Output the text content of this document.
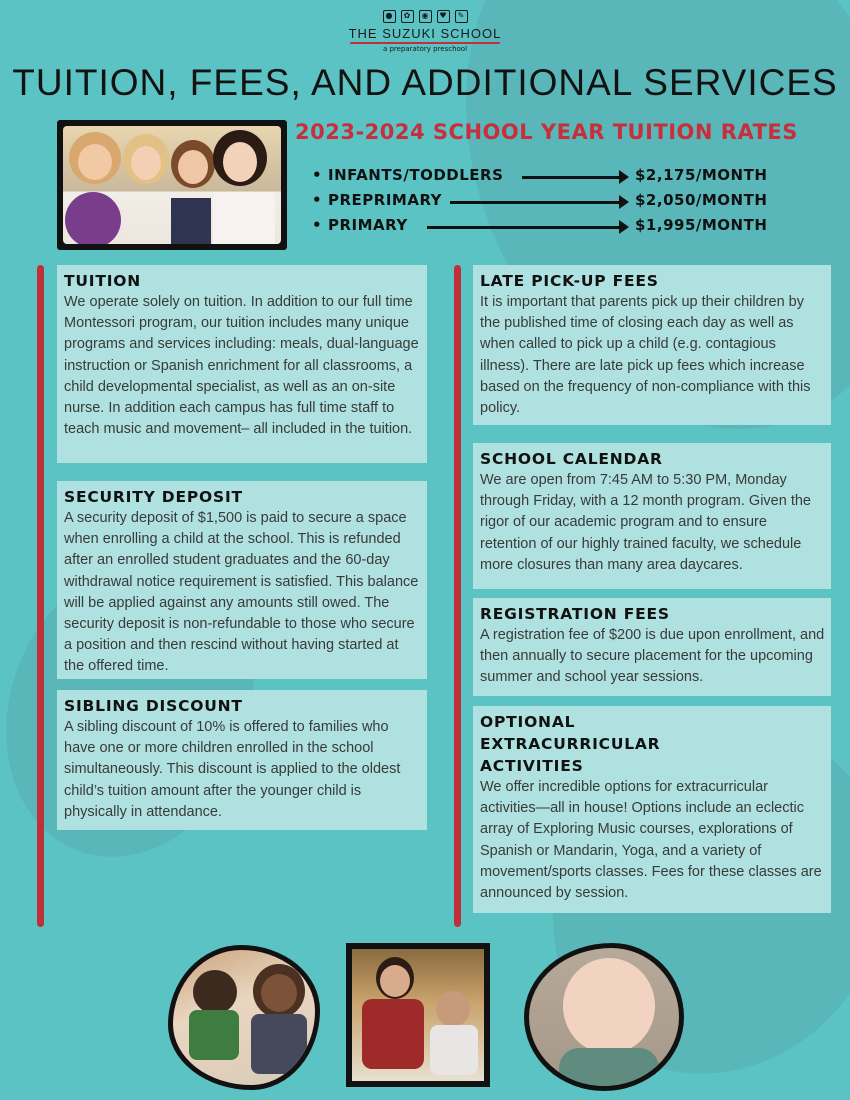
●	✿	◉	♥	✎
THE SUZUKI SCHOOL
a preparatory preschool
TUITION, FEES, AND ADDITIONAL SERVICES
2023-2024 SCHOOL YEAR TUITION RATES
• INFANTS/TODDLERS	$2,175/MONTH
• PREPRIMARY	$2,050/MONTH
• PRIMARY	$1,995/MONTH
TUITION

We operate solely on tuition. In addition to our full time Montessori program, our tuition includes many unique programs and services including: meals, dual-language instruction or Spanish enrichment for all classrooms, a child developmental specialist, as well as an on-site nurse. In addition each campus has full time staff to teach music and movement– all included in the tuition.

SECURITY DEPOSIT

A security deposit of $1,500 is paid to secure a space when enrolling a child at the school. This is refunded after an enrolled student graduates and the 60-day withdrawal notice requirement is satisfied. This balance will be applied against any amounts still owed. The security deposit is non-refundable to those who secure a position and then rescind without having started at the offered time.

SIBLING DISCOUNT

A sibling discount of 10% is offered to families who have one or more children enrolled in the school simultaneously. This discount is applied to the oldest child’s tuition amount after the younger child is physically in attendance.

LATE PICK-UP FEES

It is important that parents pick up their children by the published time of closing each day as well as when called to pick up a child (e.g. contagious illness). There are late pick up fees which increase based on the frequency of non-compliance with this policy.

SCHOOL CALENDAR

We are open from 7:45 AM to 5:30 PM, Monday through Friday, with a 12 month program. Given the rigor of our academic program and to ensure retention of our highly trained faculty, we schedule more closures than many area daycares.

REGISTRATION FEES

A registration fee of $200 is due upon enrollment, and then annually to secure placement for the upcoming summer and school year sessions.

OPTIONAL
EXTRACURRICULAR
ACTIVITIES

We offer incredible options for extracurricular activities—all in house! Options include an eclectic array of Exploring Music courses, explorations of Spanish or Mandarin, Yoga, and a variety of movement/sports classes. Fees for these classes are announced by session.
